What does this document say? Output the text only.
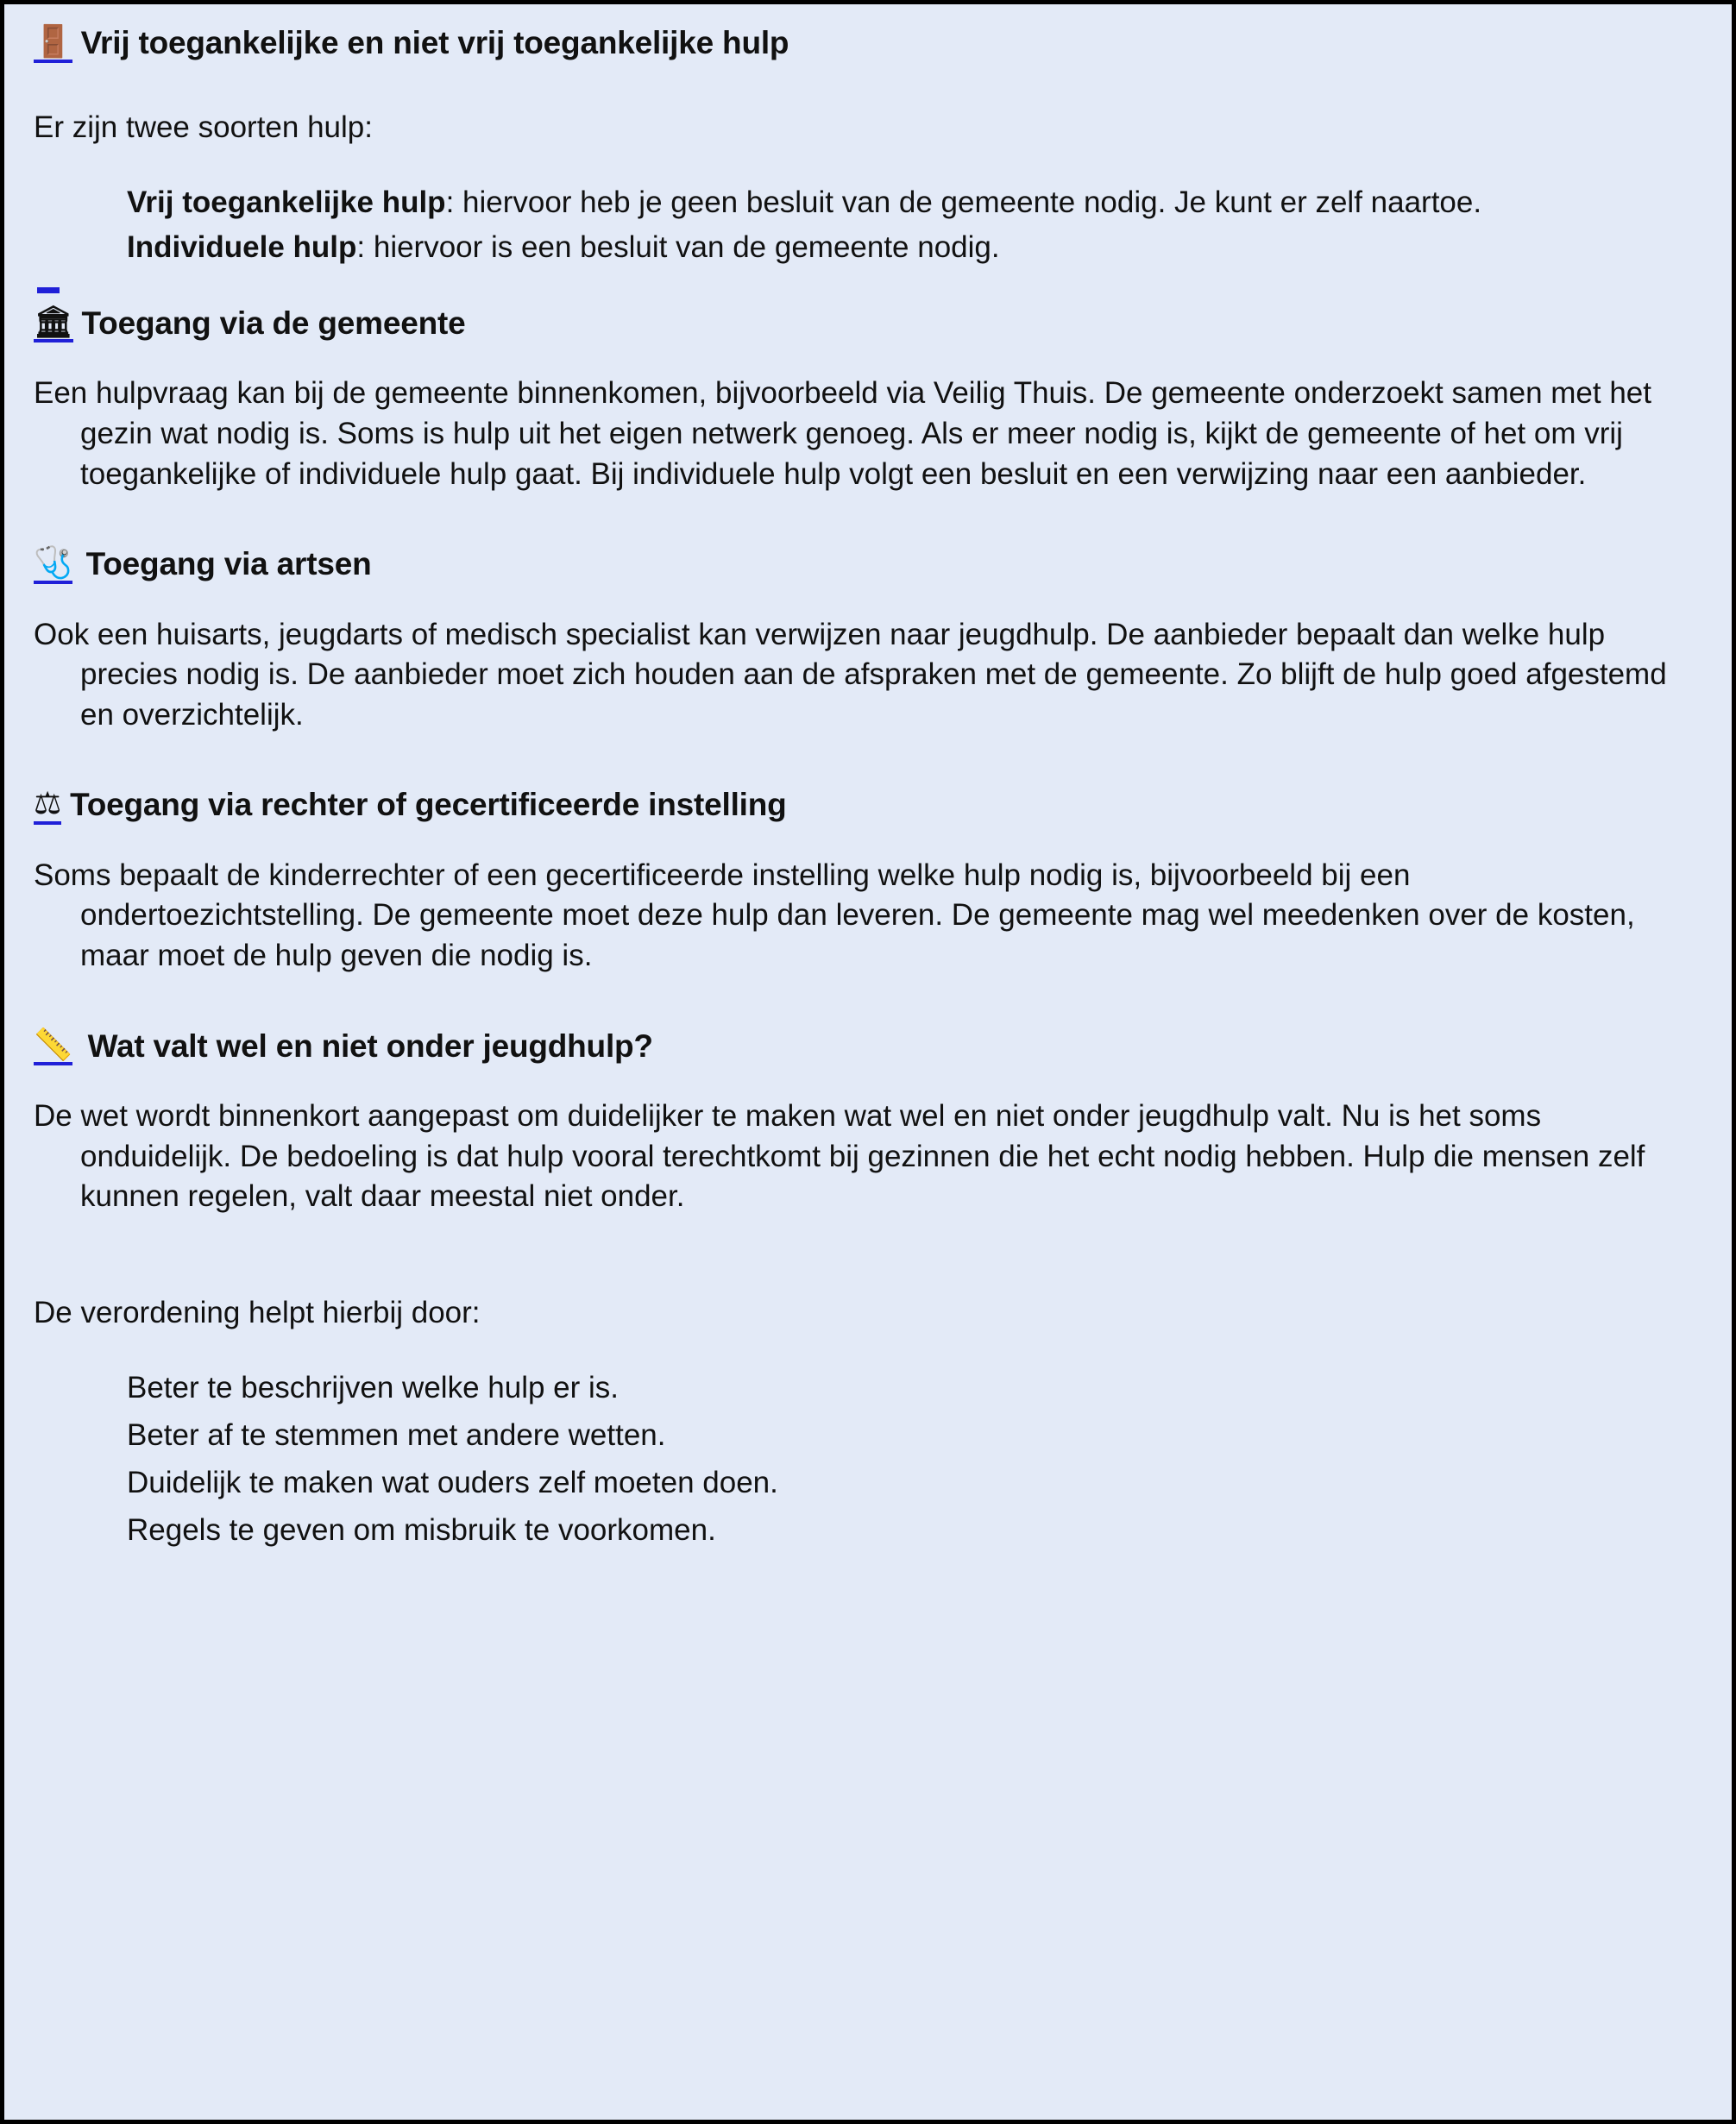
🚪 Vrij toegankelijke en niet vrij toegankelijke hulp

Er zijn twee soorten hulp:

Vrij toegankelijke hulp: hiervoor heb je geen besluit van de gemeente nodig. Je kunt er zelf naartoe.

Individuele hulp: hiervoor is een besluit van de gemeente nodig.

🏛 Toegang via de gemeente

Een hulpvraag kan bij de gemeente binnenkomen, bijvoorbeeld via Veilig Thuis. De gemeente onderzoekt samen met het gezin wat nodig is. Soms is hulp uit het eigen netwerk genoeg. Als er meer nodig is, kijkt de gemeente of het om vrij toegankelijke of individuele hulp gaat. Bij individuele hulp volgt een besluit en een verwijzing naar een aanbieder.

🩺 Toegang via artsen

Ook een huisarts, jeugdarts of medisch specialist kan verwijzen naar jeugdhulp. De aanbieder bepaalt dan welke hulp precies nodig is. De aanbieder moet zich houden aan de afspraken met de gemeente. Zo blijft de hulp goed afgestemd en overzichtelijk.

⚖ Toegang via rechter of gecertificeerde instelling

Soms bepaalt de kinderrechter of een gecertificeerde instelling welke hulp nodig is, bijvoorbeeld bij een ondertoezichtstelling. De gemeente moet deze hulp dan leveren. De gemeente mag wel meedenken over de kosten, maar moet de hulp geven die nodig is.

📏 Wat valt wel en niet onder jeugdhulp?

De wet wordt binnenkort aangepast om duidelijker te maken wat wel en niet onder jeugdhulp valt. Nu is het soms onduidelijk. De bedoeling is dat hulp vooral terechtkomt bij gezinnen die het echt nodig hebben. Hulp die mensen zelf kunnen regelen, valt daar meestal niet onder.

De verordening helpt hierbij door:

Beter te beschrijven welke hulp er is.

Beter af te stemmen met andere wetten.

Duidelijk te maken wat ouders zelf moeten doen.

Regels te geven om misbruik te voorkomen.
